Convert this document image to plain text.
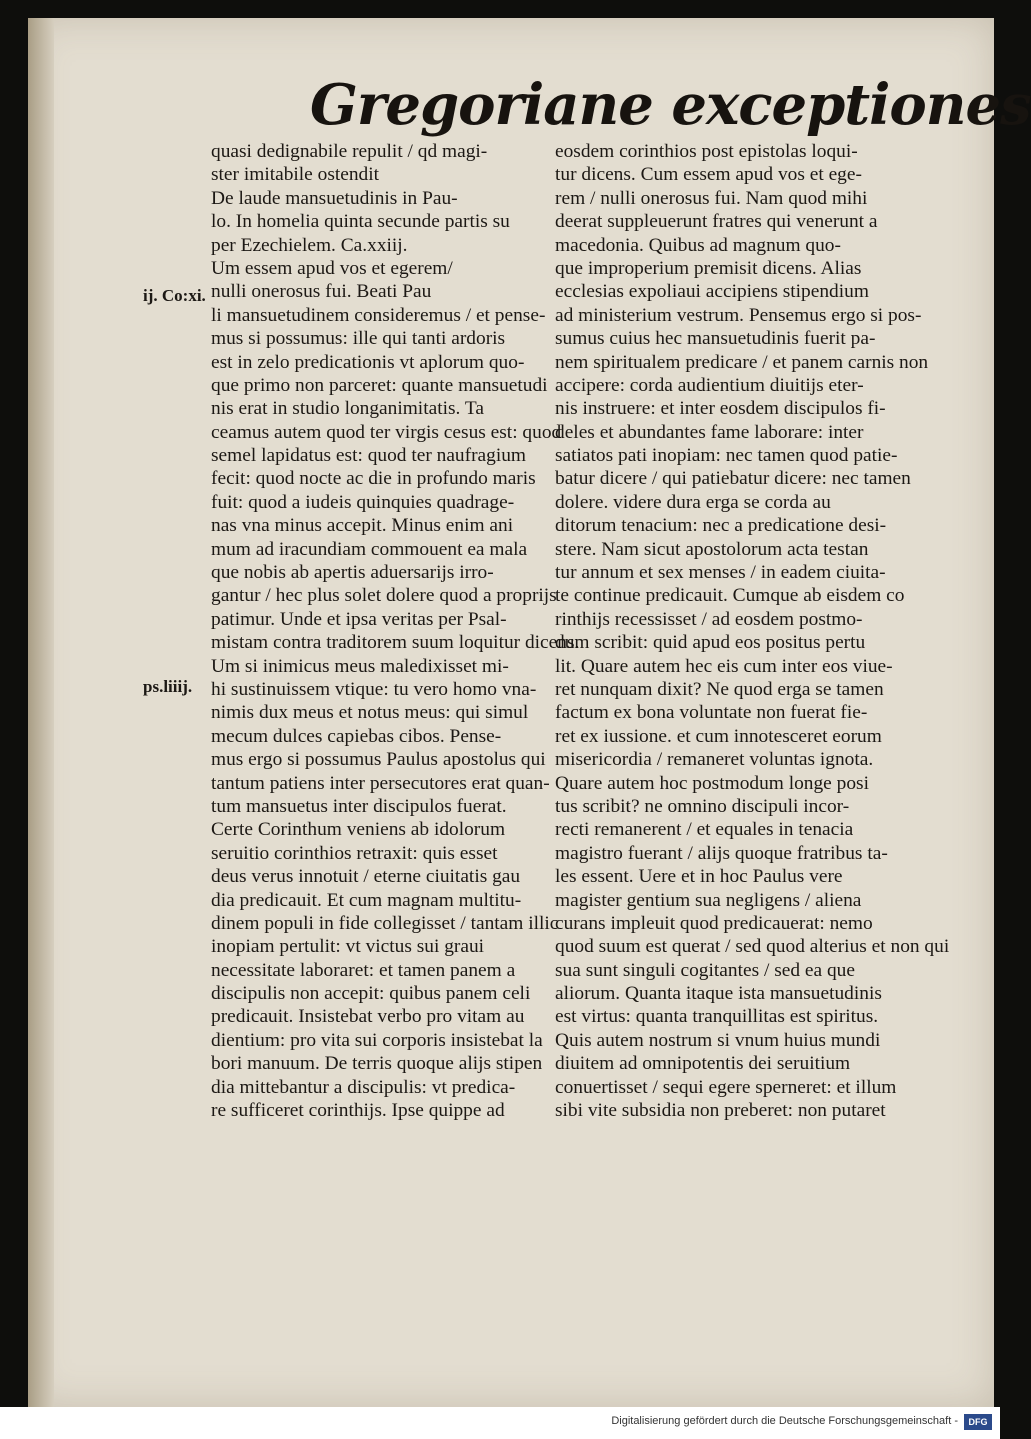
Gregoriane exceptiones
ij. Co:xi.
ps.liiij.
quasi dedignabile repulit / qd magi-
ster imitabile ostendit
De laude mansuetudinis in Pau-
lo. In homelia quinta secunde partis su
per Ezechielem. Ca.xxiij.
Um essem apud vos et egerem/
nulli onerosus fui. Beati Pau
li mansuetudinem consideremus / et pense-
mus si possumus: ille qui tanti ardoris
est in zelo predicationis vt aplorum quo-
que primo non parceret: quante mansuetudi
nis erat in studio longanimitatis. Ta
ceamus autem quod ter virgis cesus est: quod
semel lapidatus est: quod ter naufragium
fecit: quod nocte ac die in profundo maris
fuit: quod a iudeis quinquies quadrage-
nas vna minus accepit. Minus enim ani
mum ad iracundiam commouent ea mala
que nobis ab apertis aduersarijs irro-
gantur / hec plus solet dolere quod a proprijs
patimur. Unde et ipsa veritas per Psal-
mistam contra traditorem suum loquitur dicens.
Um si inimicus meus maledixisset mi-
hi sustinuissem vtique: tu vero homo vna-
nimis dux meus et notus meus: qui simul
mecum dulces capiebas cibos. Pense-
mus ergo si possumus Paulus apostolus qui
tantum patiens inter persecutores erat quan-
tum mansuetus inter discipulos fuerat.
Certe Corinthum veniens ab idolorum
seruitio corinthios retraxit: quis esset
deus verus innotuit / eterne ciuitatis gau
dia predicauit. Et cum magnam multitu-
dinem populi in fide collegisset / tantam illic
inopiam pertulit: vt victus sui graui
necessitate laboraret: et tamen panem a
discipulis non accepit: quibus panem celi
predicauit. Insistebat verbo pro vitam au
dientium: pro vita sui corporis insistebat la
bori manuum. De terris quoque alijs stipen
dia mittebantur a discipulis: vt predica-
re sufficeret corinthijs. Ipse quippe ad
eosdem corinthios post epistolas loqui-
tur dicens. Cum essem apud vos et ege-
rem / nulli onerosus fui. Nam quod mihi
deerat suppleuerunt fratres qui venerunt a
macedonia. Quibus ad magnum quo-
que improperium premisit dicens. Alias
ecclesias expoliaui accipiens stipendium
ad ministerium vestrum. Pensemus ergo si pos-
sumus cuius hec mansuetudinis fuerit pa-
nem spiritualem predicare / et panem carnis non
accipere: corda audientium diuitijs eter-
nis instruere: et inter eosdem discipulos fi-
deles et abundantes fame laborare: inter
satiatos pati inopiam: nec tamen quod patie-
batur dicere / qui patiebatur dicere: nec tamen
dolere. videre dura erga se corda au
ditorum tenacium: nec a predicatione desi-
stere. Nam sicut apostolorum acta testan
tur annum et sex menses / in eadem ciuita-
te continue predicauit. Cumque ab eisdem co
rinthijs recessisset / ad eosdem postmo-
dum scribit: quid apud eos positus pertu
lit. Quare autem hec eis cum inter eos viue-
ret nunquam dixit? Ne quod erga se tamen
factum ex bona voluntate non fuerat fie-
ret ex iussione. et cum innotesceret eorum
misericordia / remaneret voluntas ignota.
Quare autem hoc postmodum longe posi
tus scribit? ne omnino discipuli incor-
recti remanerent / et equales in tenacia
magistro fuerant / alijs quoque fratribus ta-
les essent. Uere et in hoc Paulus vere
magister gentium sua negligens / aliena
curans impleuit quod predicauerat: nemo
quod suum est querat / sed quod alterius et non qui
sua sunt singuli cogitantes / sed ea que
aliorum. Quanta itaque ista mansuetudinis
est virtus: quanta tranquillitas est spiritus.
Quis autem nostrum si vnum huius mundi
diuitem ad omnipotentis dei seruitium
conuertisset / sequi egere sperneret: et illum
sibi vite subsidia non preberet: non putaret
Digitalisierung gefördert durch die Deutsche Forschungsgemeinschaft -	DFG
